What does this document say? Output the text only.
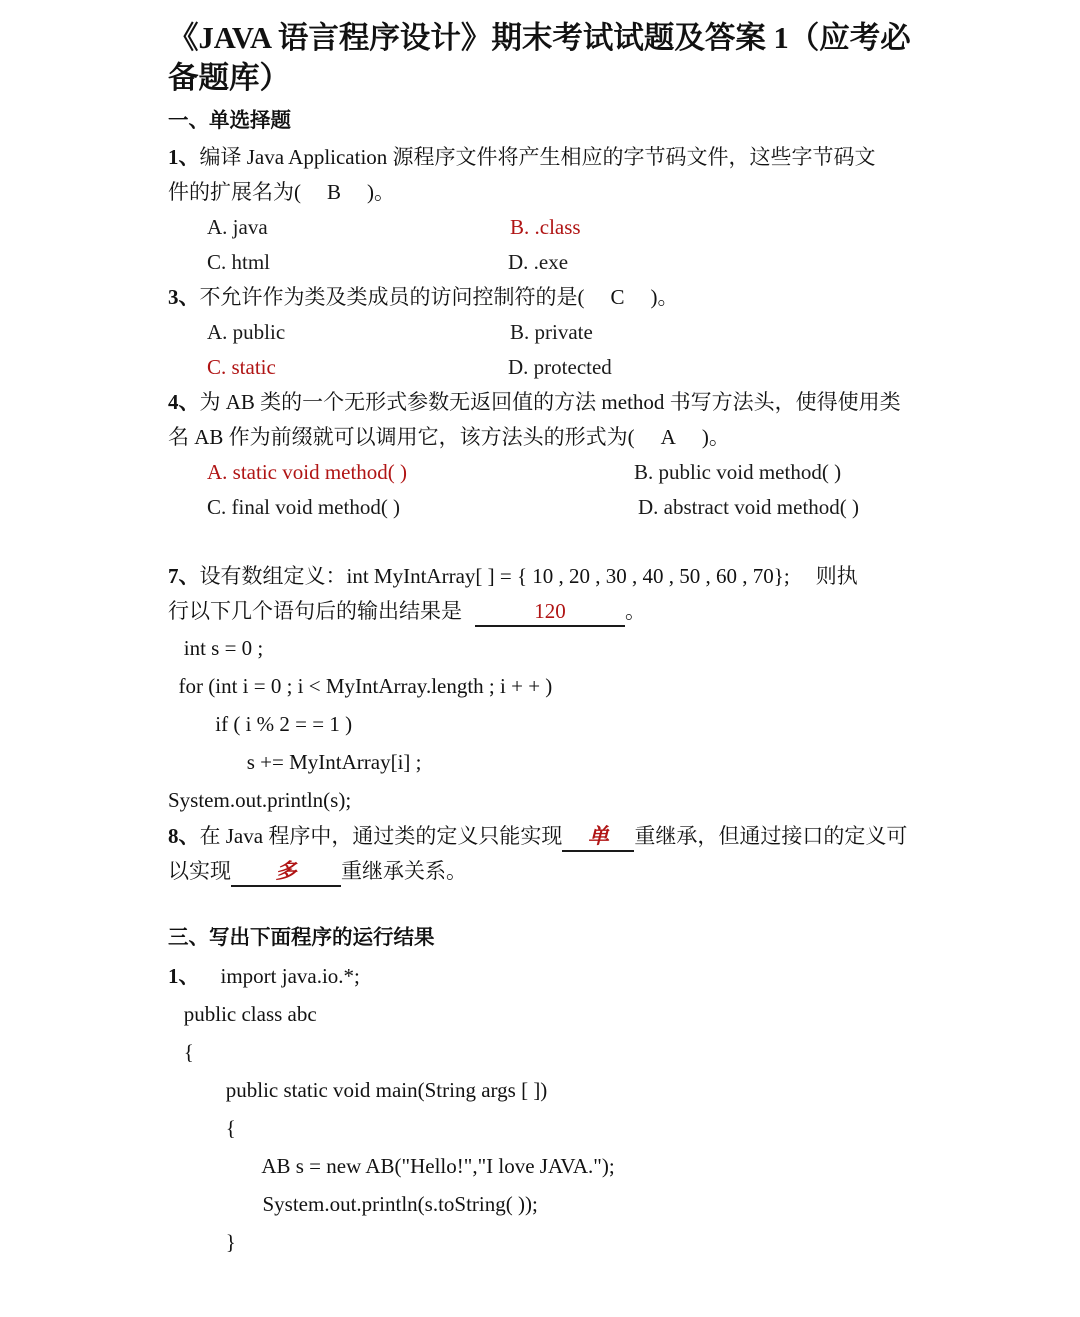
《JAVA 语言程序设计》期末考试试题及答案 1（应考必备题库）
一、单选择题

1、编译 Java Application 源程序文件将产生相应的字节码文件，这些字节码文
件的扩展名为( B )。

A. java	B. .class
C. html	D. .exe

3、不允许作为类及类成员的访问控制符的是( C )。

A. public	B. private
C. static	D. protected

4、为 AB 类的一个无形式参数无返回值的方法 method 书写方法头，使得使用类
名 AB 作为前缀就可以调用它，该方法头的形式为( A )。

A. static void method( )	B. public void method( )
C. final void method( )	D. abstract void method( )

7、设有数组定义：int MyIntArray[ ] = { 10 , 20 , 30 , 40 , 50 , 60 , 70}; 则执
行以下几个语句后的输出结果是	120	。

int s = 0 ;
for (int i = 0 ; i < MyIntArray.length ; i + + )
if ( i % 2 = = 1 )
s += MyIntArray[i] ;
System.out.println(s);

8、在 Java 程序中，通过类的定义只能实现 单 重继承，但通过接口的定义可
以实现 多 重继承关系。

三、写出下面程序的运行结果
1、    import java.io.*;
public class abc
{
public static void main(String args [ ])
{
AB s = new AB("Hello!","I love JAVA.");
System.out.println(s.toString( ));
}
